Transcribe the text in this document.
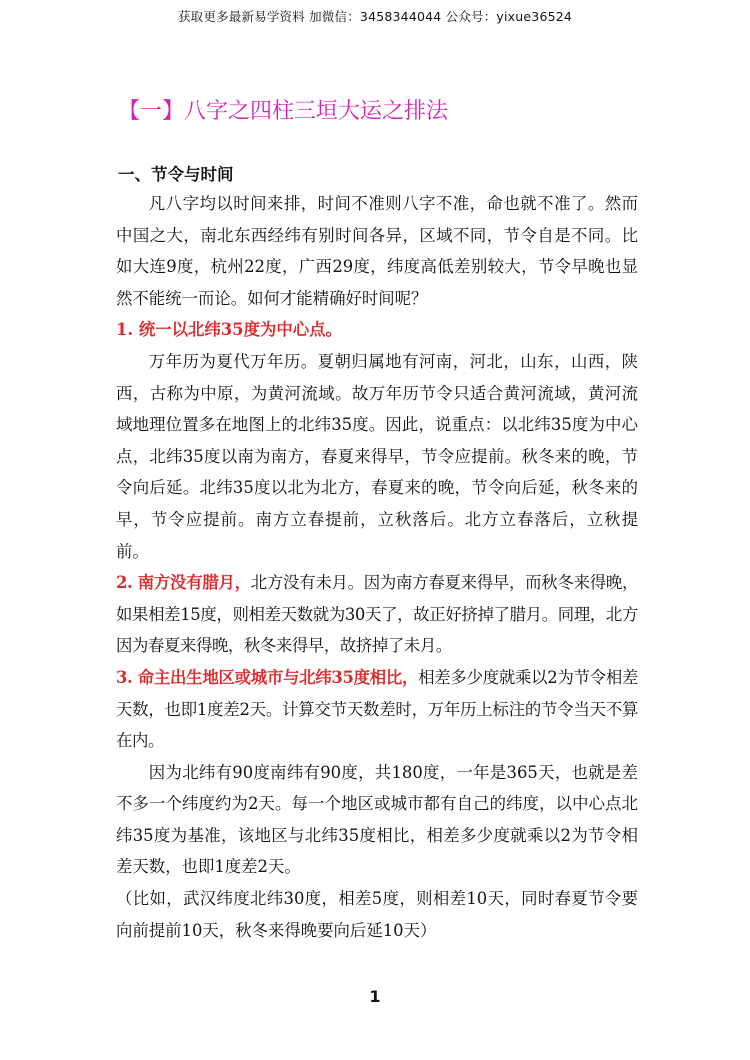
获取更多最新易学资料 加微信：3458344044 公众号：yixue36524
【一】八字之四柱三垣大运之排法
一、节令与时间

凡八字均以时间来排，时间不准则八字不准，命也就不准了。然而中国之大，南北东西经纬有别时间各异，区域不同，节令自是不同。比如大连9度，杭州22度，广西29度，纬度高低差别较大，节令早晚也显然不能统一而论。如何才能精确好时间呢？

1. 统一以北纬35度为中心点。

万年历为夏代万年历。夏朝归属地有河南，河北，山东，山西，陕西，古称为中原，为黄河流域。故万年历节令只适合黄河流域，黄河流域地理位置多在地图上的北纬35度。因此，说重点：以北纬35度为中心点，北纬35度以南为南方，春夏来得早，节令应提前。秋冬来的晚，节令向后延。北纬35度以北为北方，春夏来的晚，节令向后延，秋冬来的早，节令应提前。南方立春提前，立秋落后。北方立春落后，立秋提前。

2. 南方没有腊月，北方没有未月。因为南方春夏来得早，而秋冬来得晚，如果相差15度，则相差天数就为30天了，故正好挤掉了腊月。同理，北方因为春夏来得晚，秋冬来得早，故挤掉了未月。

3. 命主出生地区或城市与北纬35度相比，相差多少度就乘以2为节令相差天数，也即1度差2天。计算交节天数差时，万年历上标注的节令当天不算在内。

因为北纬有90度南纬有90度，共180度，一年是365天，也就是差不多一个纬度约为2天。每一个地区或城市都有自己的纬度，以中心点北纬35度为基准，该地区与北纬35度相比，相差多少度就乘以2为节令相差天数，也即1度差2天。

（比如，武汉纬度北纬30度，相差5度，则相差10天，同时春夏节令要向前提前10天，秋冬来得晚要向后延10天）

1
